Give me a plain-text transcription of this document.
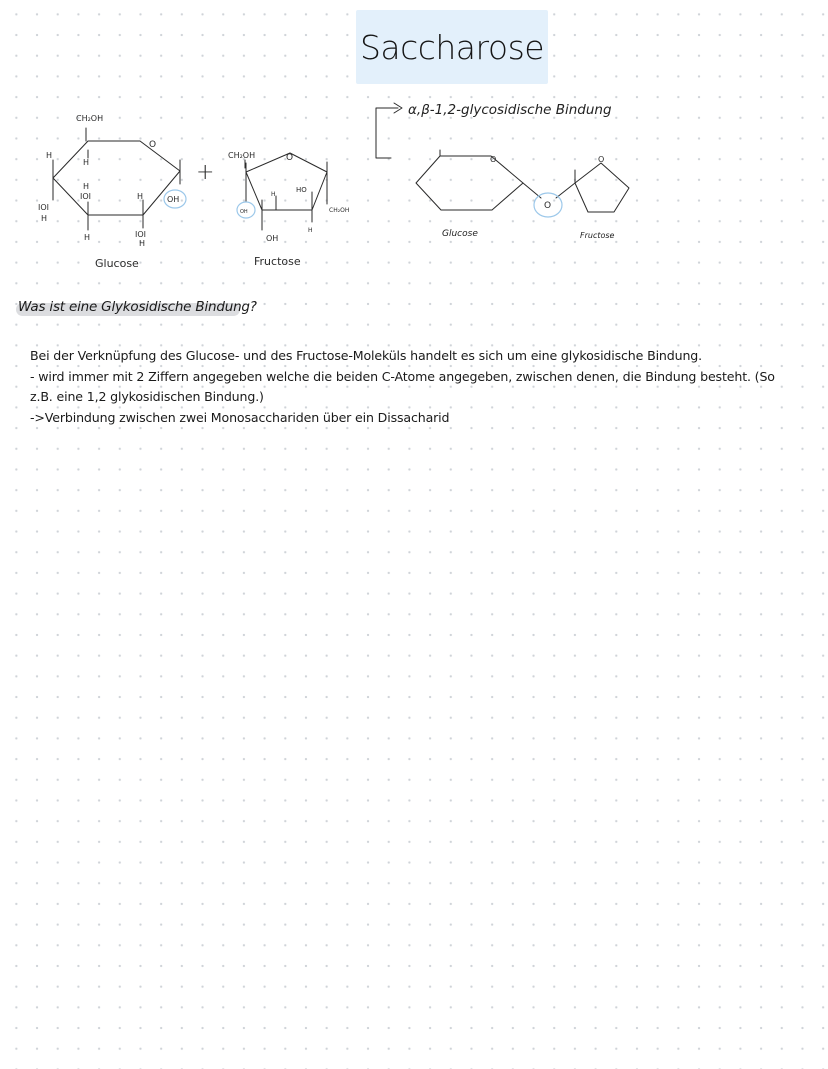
Saccharose
CH₂OH
O
OH
IOI
H
H
H
H
IOI	H
H	IOI
H
Glucose
+
CH₂OH	O
HO
CH₂OH
OH
OH
H
H
Fructose
α,β-1,2-glycosidische Bindung
O
O
O
Glucose	Fructose
Was ist eine Glykosidische Bindung?

Bei der Verknüpfung des Glucose- und des Fructose-Moleküls handelt es sich um eine glykosidische Bindung.

- wird immer mit 2 Ziffern angegeben welche die beiden C-Atome angegeben, zwischen denen, die Bindung besteht. (So z.B. eine 1,2 glykosidischen Bindung.)

->Verbindung zwischen zwei Monosacchariden über ein Dissacharid
